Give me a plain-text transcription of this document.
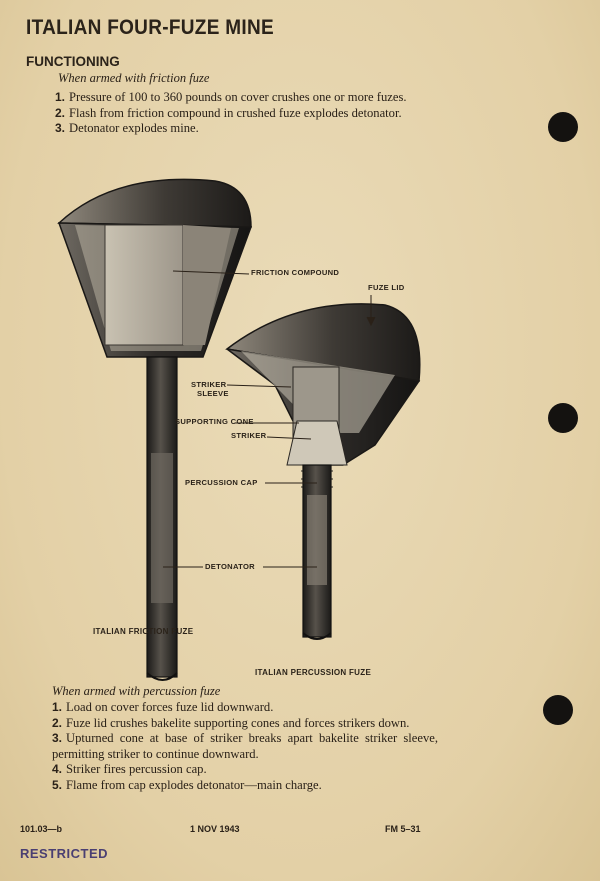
ITALIAN FOUR-FUZE MINE
FUNCTIONING
When armed with friction fuze
1. Pressure of 100 to 360 pounds on cover crushes one or more fuzes.
2. Flash from friction compound in crushed fuze explodes detonator.
3. Detonator explodes mine.
FRICTION COMPOUND
FUZE LID
STRIKER
SLEEVE
SUPPORTING CONE
STRIKER
PERCUSSION CAP
DETONATOR
ITALIAN FRICTION FUZE
ITALIAN PERCUSSION FUZE
When armed with percussion fuze
1. Load on cover forces fuze lid downward.
2. Fuze lid crushes bakelite supporting cones and forces strikers down.
3. Upturned cone at base of striker breaks apart bakelite striker sleeve, permitting striker to continue downward.
4. Striker fires percussion cap.
5. Flame from cap explodes detonator—main charge.
101.03—b	1 NOV 1943	FM 5–31
RESTRICTED
